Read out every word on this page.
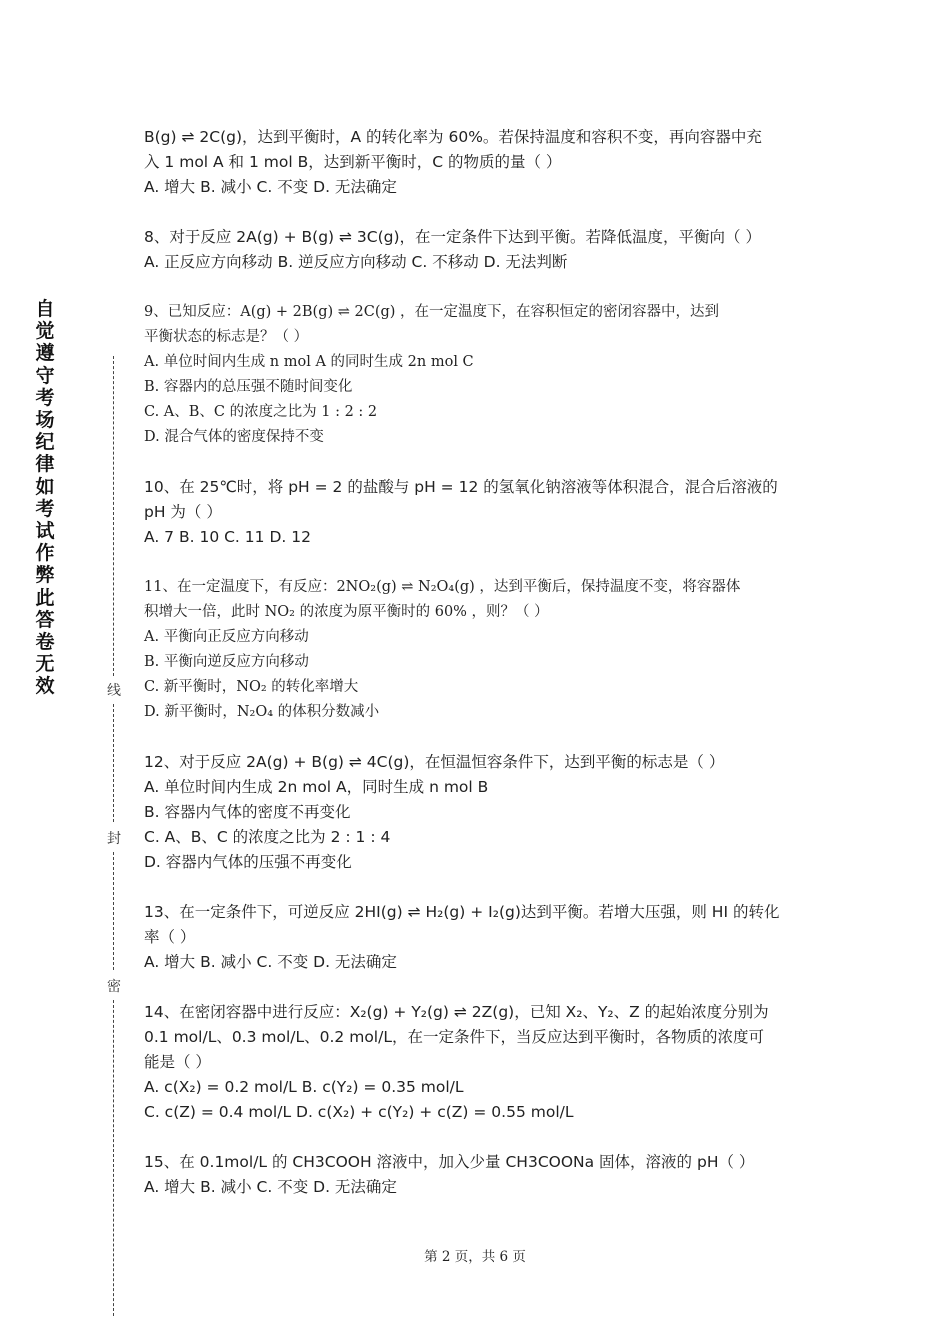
自觉遵守考场纪律如考试作弊此答卷无效	线
封
密

B(g) ⇌ 2C(g)，达到平衡时，A 的转化率为 60%。若保持温度和容积不变，再向容器中充

入 1 mol A 和 1 mol B，达到新平衡时，C 的物质的量（ ）

A. 增大 B. 减小 C. 不变 D. 无法确定

8、对于反应 2A(g) + B(g) ⇌ 3C(g)，在一定条件下达到平衡。若降低温度，平衡向（ ）

A. 正反应方向移动 B. 逆反应方向移动 C. 不移动 D. 无法判断

9、已知反应：A(g) + 2B(g) ⇌ 2C(g) ，在一定温度下，在容积恒定的密闭容器中，达到

平衡状态的标志是？（ ）

A. 单位时间内生成 n mol A 的同时生成 2n mol C

B. 容器内的总压强不随时间变化

C. A、B、C 的浓度之比为 1 : 2 : 2

D. 混合气体的密度保持不变

10、在 25℃时，将 pH = 2 的盐酸与 pH = 12 的氢氧化钠溶液等体积混合，混合后溶液的

pH 为（ ）

A. 7 B. 10 C. 11 D. 12

11、在一定温度下，有反应：2NO₂(g) ⇌ N₂O₄(g) ，达到平衡后，保持温度不变，将容器体

积增大一倍，此时 NO₂ 的浓度为原平衡时的 60% ，则？（ ）

A. 平衡向正反应方向移动

B. 平衡向逆反应方向移动

C. 新平衡时，NO₂ 的转化率增大

D. 新平衡时，N₂O₄ 的体积分数减小

12、对于反应 2A(g) + B(g) ⇌ 4C(g)，在恒温恒容条件下，达到平衡的标志是（ ）

A. 单位时间内生成 2n mol A，同时生成 n mol B

B. 容器内气体的密度不再变化

C. A、B、C 的浓度之比为 2 : 1 : 4

D. 容器内气体的压强不再变化

13、在一定条件下，可逆反应 2HI(g) ⇌ H₂(g) + I₂(g)达到平衡。若增大压强，则 HI 的转化

率（ ）

A. 增大 B. 减小 C. 不变 D. 无法确定

14、在密闭容器中进行反应：X₂(g) + Y₂(g) ⇌ 2Z(g)，已知 X₂、Y₂、Z 的起始浓度分别为

0.1 mol/L、0.3 mol/L、0.2 mol/L，在一定条件下，当反应达到平衡时，各物质的浓度可

能是（ ）

A. c(X₂) = 0.2 mol/L B. c(Y₂) = 0.35 mol/L

C. c(Z) = 0.4 mol/L D. c(X₂) + c(Y₂) + c(Z) = 0.55 mol/L

15、在 0.1mol/L 的 CH3COOH 溶液中，加入少量 CH3COONa 固体，溶液的 pH（ ）

A. 增大 B. 减小 C. 不变 D. 无法确定

第 2 页，共 6 页
